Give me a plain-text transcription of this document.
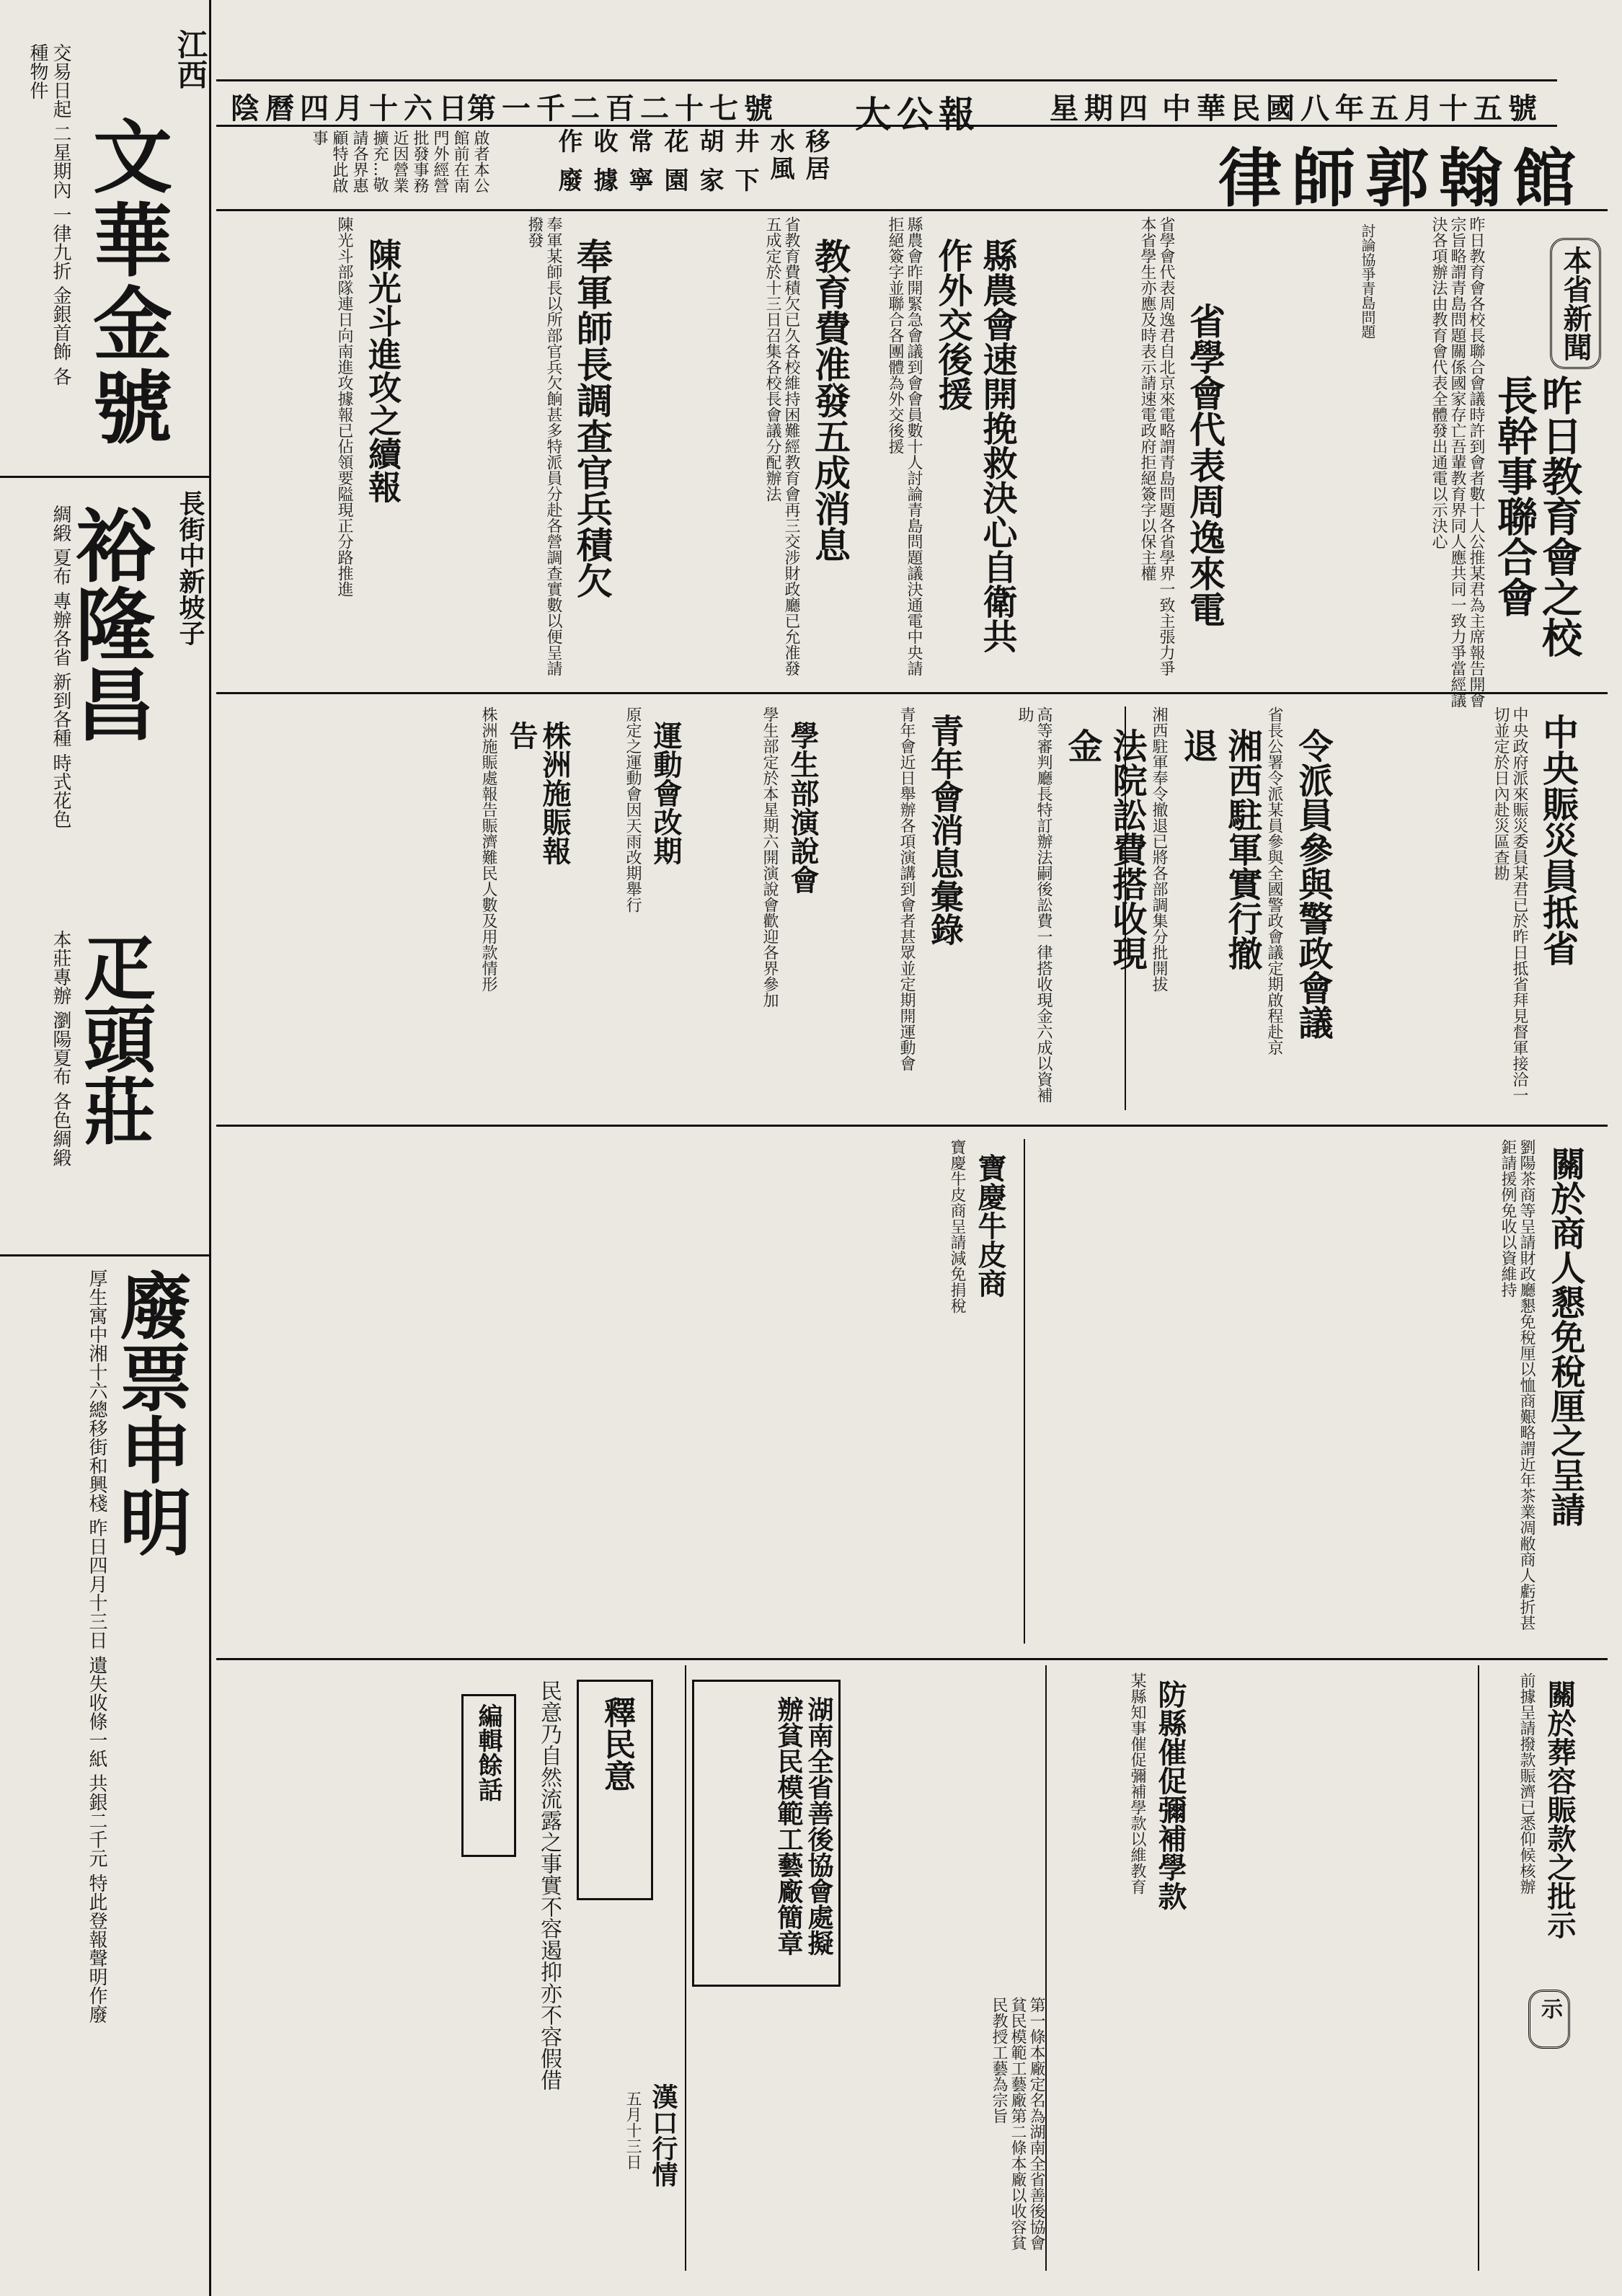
江西
文華金號
交易日起 二星期內 一律九折 金銀首飾 各種物件
長街中新坡子
裕隆昌
綢緞 夏布 專辦各省 新到各種 時式花色
疋頭莊
本莊專辦 瀏陽夏布 各色綢緞
廢票申明
厚生寓中湘十六總移街和興棧 昨日四月十三日 遺失收條一紙 共銀二千元 特此登報聲明作廢
中華民國八年五月十五號
星期四
大公報
第一千二百二十七號
陰曆四月十六日
律師郭翰館
移居 水風井 下胡 家花 園常 寧收 據 作 廢
啟者本公館前在南門外經營批發事務近因營業擴充...敬請各界惠顧特此啟事
本省新聞
昨日教育會之校長幹事聯合會
昨日教育會各校長聯合會議時許到會者數十人公推某君為主席報告開會宗旨略謂青島問題關係國家存亡吾輩教育界同人應共同一致力爭當經議決各項辦法由教育會代表全體發出通電以示決心
討論協爭青島問題
省學會代表周逸來電
省學會代表周逸君自北京來電略謂青島問題各省學界一致主張力爭本省學生亦應及時表示請速電政府拒絕簽字以保主權
縣農會速開挽救決心自衛共作外交後援
縣農會昨開緊急會議到會會員數十人討論青島問題議決通電中央請拒絕簽字並聯合各團體為外交後援
教育費准發五成消息
省教育費積欠已久各校維持困難經教育會再三交涉財政廳已允准發五成定於十三日召集各校長會議分配辦法
奉軍師長調查官兵積欠
奉軍某師長以所部官兵欠餉甚多特派員分赴各營調查實數以便呈請撥發
陳光斗進攻之續報
陳光斗部隊連日向南進攻據報已佔領要隘現正分路推進
中央賑災員抵省
中央政府派來賑災委員某君已於昨日抵省拜見督軍接洽一切並定於日內赴災區查勘
令派員參與警政會議
省長公署令派某員參與全國警政會議定期啟程赴京
湘西駐軍實行撤退
湘西駐軍奉令撤退已將各部調集分批開拔
法院訟費搭收現金
高等審判廳長特訂辦法嗣後訟費一律搭收現金六成以資補助
青年會消息彙錄
青年會近日舉辦各項演講到會者甚眾並定期開運動會
學生部演說會
學生部定於本星期六開演說會歡迎各界參加
運動會改期
原定之運動會因天雨改期舉行
株洲施賑報告
株洲施賑處報告賑濟難民人數及用款情形
關於商人懇免稅厘之呈請
劉陽茶商等呈請財政廳懇免稅厘以恤商艱略謂近年茶業凋敝商人虧折甚鉅請援例免收以資維持
寶慶牛皮商
寶慶牛皮商呈請減免捐稅
關於葬容賑款之批示
前據呈請撥款賑濟已悉仰候核辦
示
防縣催促彌補學款
某縣知事催促彌補學款以維教育
湖南全省善後協會處擬辦貧民模範工藝廠簡章
第一條本廠定名為湖南全省善後協會貧民模範工藝廠第二條本廠以收容貧民教授工藝為宗旨
釋民意
民意乃自然流露之事實不容遏抑亦不容假借
編輯餘話
漢口行情
五月十三日
